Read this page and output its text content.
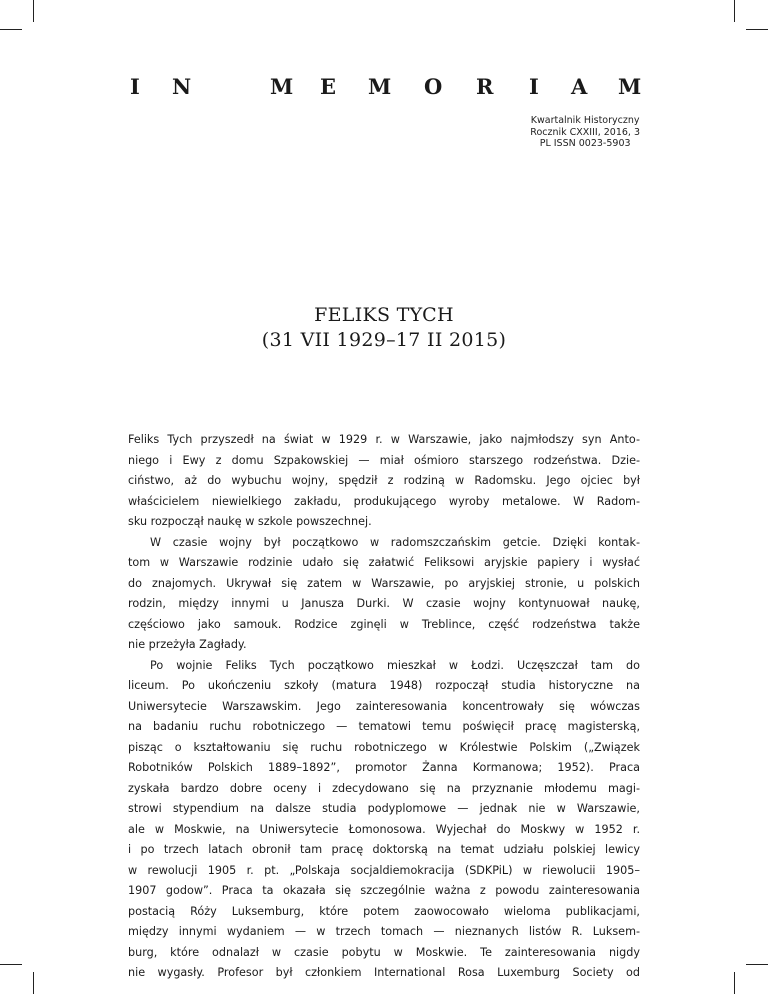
I N	M E M O R I A M
Kwartalnik Historyczny
Rocznik CXXIII, 2016, 3
PL ISSN 0023-5903
FELIKS TYCH
(31 VII 1929–17 II 2015)
Feliks Tych przyszedł na świat w 1929 r. w Warszawie, jako najmłodszy syn Anto-
niego i Ewy z domu Szpakowskiej — miał ośmioro starszego rodzeństwa. Dzie-
ciństwo, aż do wybuchu wojny, spędził z rodziną w Radomsku. Jego ojciec był
właścicielem niewielkiego zakładu, produkującego wyroby metalowe. W Radom-
sku rozpoczął naukę w szkole powszechnej.
W czasie wojny był początkowo w radomszczańskim getcie. Dzięki kontak-
tom w Warszawie rodzinie udało się załatwić Feliksowi aryjskie papiery i wysłać
do znajomych. Ukrywał się zatem w Warszawie, po aryjskiej stronie, u polskich
rodzin, między innymi u Janusza Durki. W czasie wojny kontynuował naukę,
częściowo jako samouk. Rodzice zginęli w Treblince, część rodzeństwa także
nie przeżyła Zagłady.
Po wojnie Feliks Tych początkowo mieszkał w Łodzi. Uczęszczał tam do
liceum. Po ukończeniu szkoły (matura 1948) rozpoczął studia historyczne na
Uniwersytecie Warszawskim. Jego zainteresowania koncentrowały się wówczas
na badaniu ruchu robotniczego — tematowi temu poświęcił pracę magisterską,
pisząc o kształtowaniu się ruchu robotniczego w Królestwie Polskim („Związek
Robotników Polskich 1889–1892”, promotor Żanna Kormanowa; 1952). Praca
zyskała bardzo dobre oceny i zdecydowano się na przyznanie młodemu magi-
strowi stypendium na dalsze studia podyplomowe — jednak nie w Warszawie,
ale w Moskwie, na Uniwersytecie Łomonosowa. Wyjechał do Moskwy w 1952 r.
i po trzech latach obronił tam pracę doktorską na temat udziału polskiej lewicy
w rewolucji 1905 r. pt. „Polskaja socjaldiemokracija (SDKPiL) w riewolucii 1905–
1907 godow”. Praca ta okazała się szczególnie ważna z powodu zainteresowania
postacią Róży Luksemburg, które potem zaowocowało wieloma publikacjami,
między innymi wydaniem — w trzech tomach — nieznanych listów R. Luksem-
burg, które odnalazł w czasie pobytu w Moskwie. Te zainteresowania nigdy
nie wygasły. Profesor był członkiem International Rosa Luxemburg Society od
